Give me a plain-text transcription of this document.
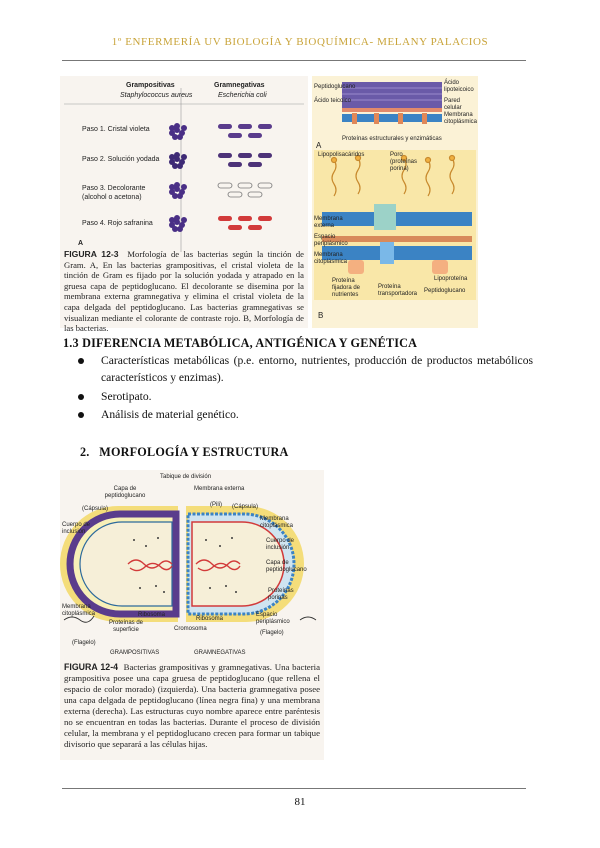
1º ENFERMERÍA UV BIOLOGÍA Y BIOQUÍMICA- MELANY PALACIOS
Grampositivas
Staphylococcus aureus
Gramnegativas
Escherichia coli
Paso 1. Cristal violeta
Paso 2. Solución yodada
Paso 3. Decolorante (alcohol o acetona)
Paso 4. Rojo safranina
A
FIGURA 12-3 Morfología de las bacterias según la tinción de Gram. A, En las bacterias grampositivas, el cristal violeta de la tinción de Gram es fijado por la solución yodada y atrapado en la gruesa capa de peptidoglucano. El decolorante se disemina por la membrana externa gramnegativa y elimina el cristal violeta de la capa delgada del peptidoglucano. Las bacterias gramnegativas se visualizan mediante el colorante de contraste rojo. B, Morfología de las bacterias.
Peptidoglucano
Ácido teicoico
Ácido lipoteicoico
Pared celular
Membrana citoplásmica
Proteínas estructurales y enzimáticas
A
Lipopolisacáridos	Poro (proteínas porina)
Membrana externa
Espacio periplásmico
Membrana citoplásmica
Proteína fijadora de nutrientes
Proteína transportadora
Lipoproteína
Peptidoglucano
B
1.3 DIFERENCIA METABÓLICA, ANTIGÉNICA Y GENÉTICA
Características metabólicas (p.e. entorno, nutrientes, producción de productos metabólicos característicos y enzimas).
Serotipato.
Análisis de material genético.
2.   MORFOLOGÍA Y ESTRUCTURA
Tabique de división
Capa de peptidoglucano
(Cápsula)
Cuerpo de inclusión
Membrana externa
(Pili) (Cápsula)
Membrana citoplásmica
Cuerpo de inclusión
Capa de peptidoglucano
Proteínas porinas
Espacio periplásmico
(Flagelo)
Ribosoma
Membrana citoplásmica	Ribosoma
Proteínas de superficie	Cromosoma
(Flagelo)
GRAMPOSITIVAS	GRAMNEGATIVAS
FIGURA 12-4 Bacterias grampositivas y gramnegativas. Una bacteria grampositiva posee una capa gruesa de peptidoglucano (que rellena el espacio de color morado) (izquierda). Una bacteria gramnegativa posee una capa delgada de peptidoglucano (línea negra fina) y una membrana externa (derecha). Las estructuras cuyo nombre aparece entre paréntesis no se encuentran en todas las bacterias. Durante el proceso de división celular, la membrana y el peptidoglucano crecen para formar un tabique divisorio que separará a las células hijas.
81
